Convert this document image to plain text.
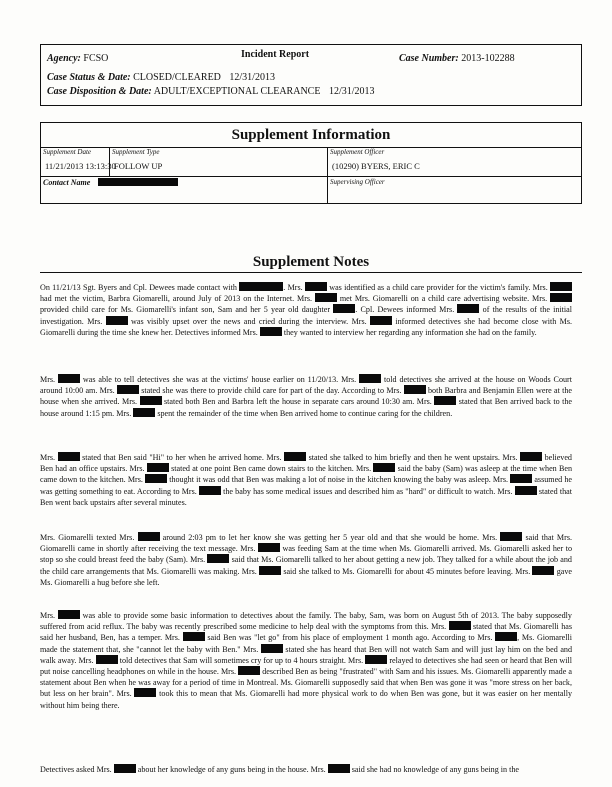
Agency: FCSO	Incident Report	Case Number: 2013-102288
Case Status & Date: CLOSED/CLEARED 12/31/2013
Case Disposition & Date: ADULT/EXCEPTIONAL CLEARANCE 12/31/2013
Supplement Information
Supplement Date
11/21/2013 13:13:30
Supplement Type
FOLLOW UP
Supplement Officer
(10290) BYERS, ERIC C
Contact Name	Supervising Officer
Supplement Notes
On 11/21/13 Sgt. Byers and Cpl. Dewees made contact with	. Mrs.	was identified as a child care provider for the victim's family. Mrs.  had met the victim, Barbra Giomarelli, around July of 2013 on the Internet. Mrs.	met Mrs. Giomarelli on a child care advertising website. Mrs.  provided child care for Ms. Giomarelli's infant son, Sam and her 5 year old daughter	. Cpl. Dewees informed Mrs.	of the results of the initial investigation. Mrs.	was visibly upset over the news and cried during the interview. Mrs.	informed detectives she had become close with Ms. Giomarelli during the time she knew her. Detectives informed Mrs.	they wanted to interview her regarding any information she had on the family.
Mrs.	was able to tell detectives she was at the victims' house earlier on 11/20/13. Mrs.	told detectives she arrived at the house on Woods Court around 10:00 am. Mrs.	stated she was there to provide child care for part of the day. According to Mrs.	both Barbra and Benjamin Ellen were at the house when she arrived. Mrs.	stated both Ben and Barbra left the house in separate cars around 10:30 am. Mrs.	stated that Ben arrived back to the house around 1:15 pm. Mrs.	spent the remainder of the time when Ben arrived home to continue caring for the children.
Mrs.	stated that Ben said "Hi" to her when he arrived home. Mrs.	stated she talked to him briefly and then he went upstairs. Mrs.	believed Ben had an office upstairs. Mrs.	stated at one point Ben came down stairs to the kitchen. Mrs.	said the baby (Sam) was asleep at the time when Ben came down to the kitchen. Mrs.	thought it was odd that Ben was making a lot of noise in the kitchen knowing the baby was asleep. Mrs.	assumed he was getting something to eat. According to Mrs.	the baby has some medical issues and described him as "hard" or difficult to watch. Mrs.	stated that Ben went back upstairs after several minutes.
Mrs. Giomarelli texted Mrs.	around 2:03 pm to let her know she was getting her 5 year old and that she would be home. Mrs.	said that Mrs. Giomarelli came in shortly after receiving the text message. Mrs.	was feeding Sam at the time when Ms. Giomarelli arrived. Ms. Giomarelli asked her to stop so she could breast feed the baby (Sam). Mrs.	said that Ms. Giomarelli talked to her about getting a new job. They talked for a while about the job and the child care arrangements that Ms. Giomarelli was making. Mrs.	said she talked to Ms. Giomarelli for about 45 minutes before leaving. Mrs.	gave Ms. Giomarelli a hug before she left.
Mrs.	was able to provide some basic information to detectives about the family. The baby, Sam, was born on August 5th of 2013. The baby supposedly suffered from acid reflux. The baby was recently prescribed some medicine to help deal with the symptoms from this. Mrs.	stated that Ms. Giomarelli has said her husband, Ben, has a temper. Mrs.	said Ben was "let go" from his place of employment 1 month ago. According to Mrs.	, Ms. Giomarelli made the statement that, she "cannot let the baby with Ben." Mrs.	stated she has heard that Ben will not watch Sam and will just lay him on the bed and walk away. Mrs.	told detectives that Sam will sometimes cry for up to 4 hours straight. Mrs.	relayed to detectives she had seen or heard that Ben will put noise cancelling headphones on while in the house. Mrs.	described Ben as being "frustrated" with Sam and his issues. Ms. Giomarelli apparently made a statement about Ben when he was away for a period of time in Montreal. Ms. Giomarelli supposedly said that when Ben was gone it was "more stress on her back, but less on her brain". Mrs.	took this to mean that Ms. Giomarelli had more physical work to do when Ben was gone, but it was easier on her mentally without him being there.
Detectives asked Mrs.	about her knowledge of any guns being in the house. Mrs.	said she had no knowledge of any guns being in the
